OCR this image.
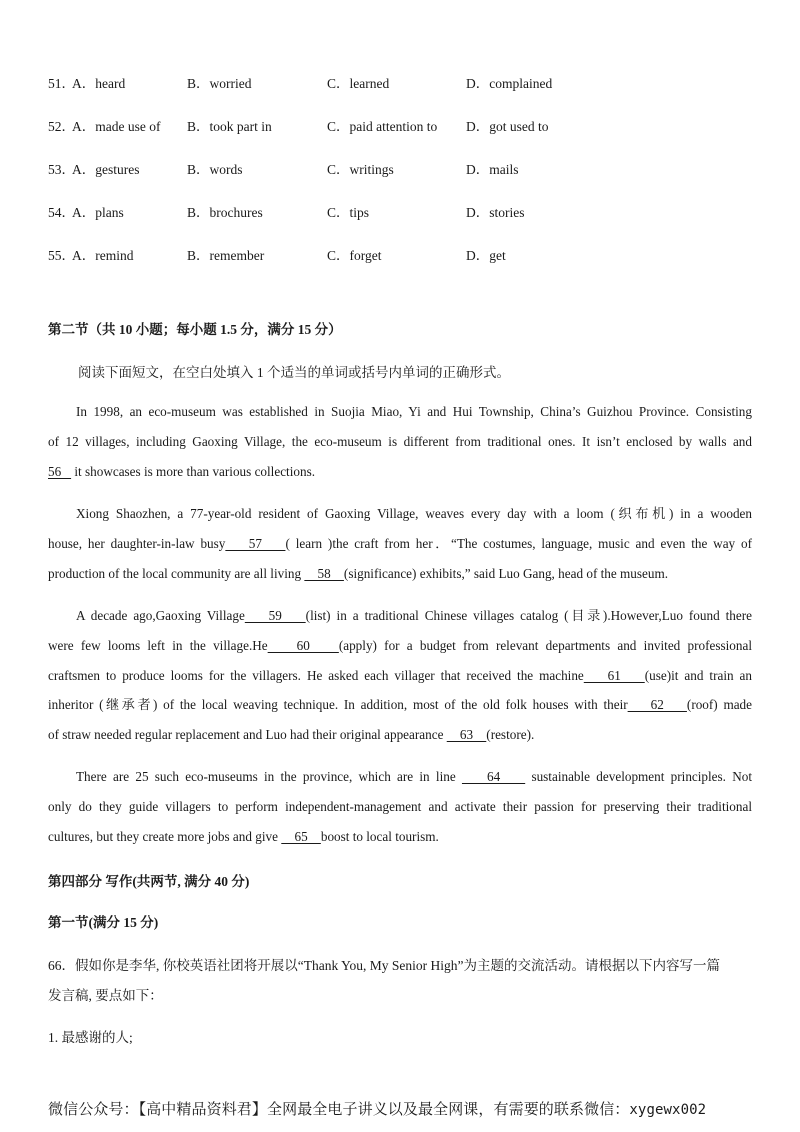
51．
A．heard	B．worried	C．learned	D．complained
52．
A．made use of B．took part in	C．paid attention to D．got used to
53．
A．gestures	B．words	C．writings	D．mails
54．
A．plans	B．brochures	C．tips	D．stories
55．
A．remind	B．remember	C．forget	D．get
第二节（共 10 小题；每小题 1.5 分，满分 15 分）
阅读下面短文，在空白处填入 1 个适当的单词或括号内单词的正确形式。
In 1998, an eco-museum was established in Suojia Miao, Yi and Hui Township, China’s Guizhou Province. Consisting
of 12 villages, including Gaoxing Village, the eco-museum is different from traditional ones. It isn’t enclosed by walls and
56    it showcases is more than various collections.
Xiong Shaozhen, a 77-year-old resident of Gaoxing Village, weaves every day with a loom (织布机) in a wooden
house, her daughter-in-law busy    57    ( learn )the craft from her．“The costumes, language, music and even the way of
production of the local community are all living     58    (significance) exhibits,” said Luo Gang, head of the museum.
A decade ago,Gaoxing Village    59    (list) in a traditional Chinese villages catalog (目录).However,Luo found there
were few looms left in the village.He    60    (apply) for a budget from relevant departments and invited professional
craftsmen to produce looms for the villagers. He asked each villager that received the machine    61    (use)it and train an
inheritor (继承者) of the local weaving technique. In addition, most of the old folk houses with their    62    (roof) made
of straw needed regular replacement and Luo had their original appearance     63    (restore).
There are 25 such eco-museums in the province, which are in line     64     sustainable development principles. Not
only do they guide villagers to perform independent-management and activate their passion for preserving their traditional
cultures, but they create more jobs and give     65    boost to local tourism.
第四部分 写作(共两节, 满分 40 分)
第一节(满分 15 分)
66．假如你是李华, 你校英语社团将开展以“Thank You, My Senior High”为主题的交流活动。请根据以下内容写一篇
发言稿, 要点如下：
1. 最感谢的人;
微信公众号：【高中精品资料君】全网最全电子讲义以及最全网课，有需要的联系微信：xygewx002
